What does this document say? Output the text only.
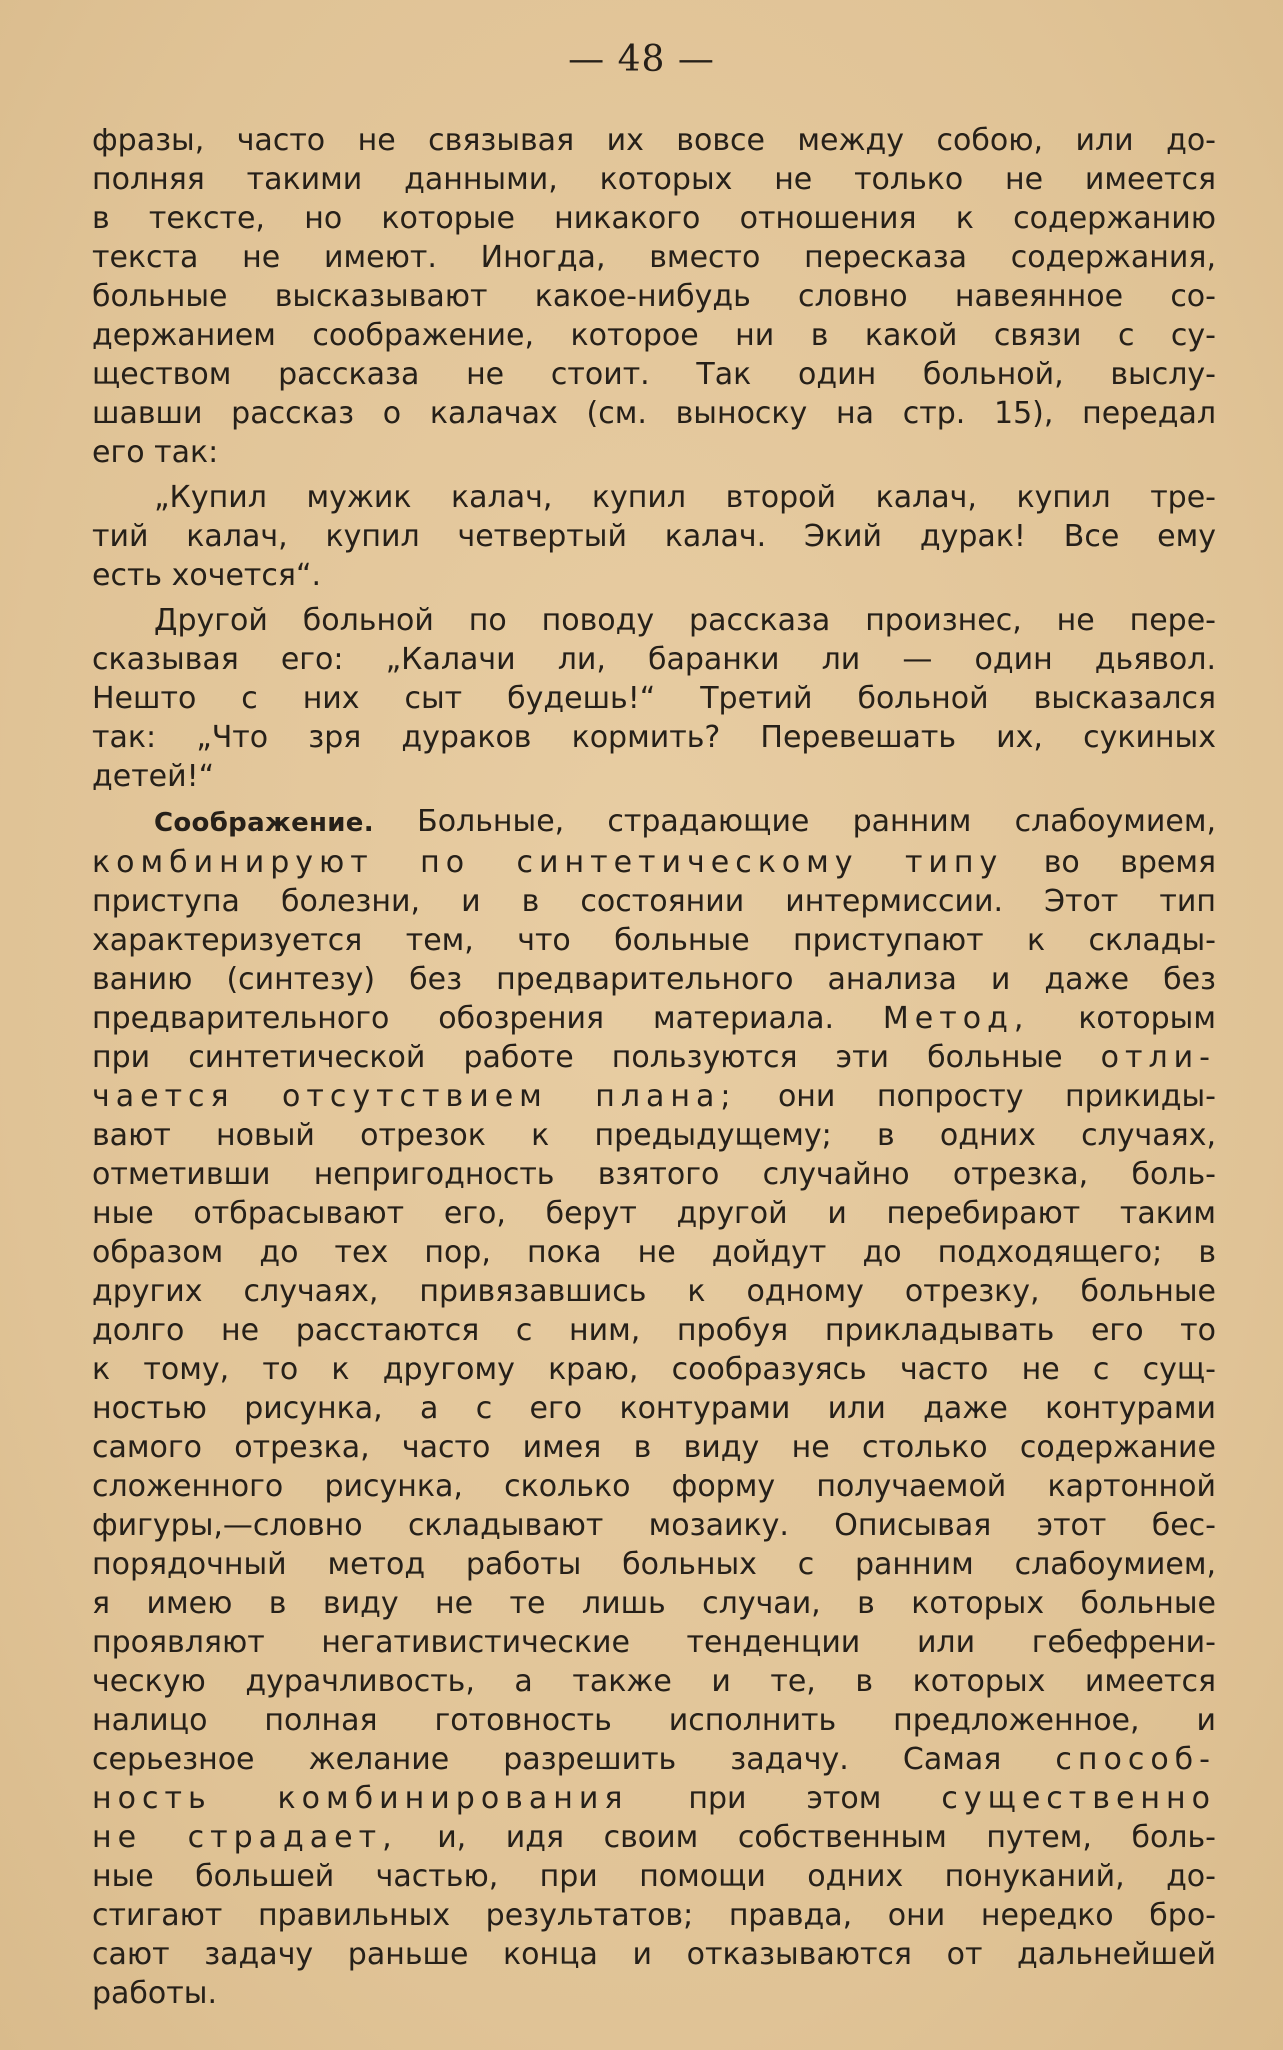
— 48 —
фразы, часто не связывая их вовсе между собою, или до-
полняя такими данными, которых не только не имеется
в тексте, но которые никакого отношения к содержанию
текста не имеют. Иногда, вместо пересказа содержания,
больные высказывают какое-нибудь словно навеянное со-
держанием соображение, которое ни в какой связи с су-
ществом рассказа не стоит. Так один больной, выслу-
шавши рассказ о калачах (см. выноску на стр. 15), передал
его так:
„Купил мужик калач, купил второй калач, купил тре-
тий калач, купил четвертый калач. Экий дурак! Все ему
есть хочется“.
Другой больной по поводу рассказа произнес, не пере-
сказывая его: „Калачи ли, баранки ли — один дьявол.
Нешто с них сыт будешь!“ Третий больной высказался
так: „Что зря дураков кормить? Перевешать их, сукиных
детей!“
Соображение. Больные, страдающие ранним слабоумием,
комбинируют по синтетическому типу во время
приступа болезни, и в состоянии интермиссии. Этот тип
характеризуется тем, что больные приступают к склады-
ванию (синтезу) без предварительного анализа и даже без
предварительного обозрения материала. Метод, которым
при синтетической работе пользуются эти больные отли-
чается отсутствием плана; они попросту прикиды-
вают новый отрезок к предыдущему; в одних случаях,
отметивши непригодность взятого случайно отрезка, боль-
ные отбрасывают его, берут другой и перебирают таким
образом до тех пор, пока не дойдут до подходящего; в
других случаях, привязавшись к одному отрезку, больные
долго не расстаются с ним, пробуя прикладывать его то
к тому, то к другому краю, сообразуясь часто не с сущ-
ностью рисунка, а с его контурами или даже контурами
самого отрезка, часто имея в виду не столько содержание
сложенного рисунка, сколько форму получаемой картонной
фигуры,—словно складывают мозаику. Описывая этот бес-
порядочный метод работы больных с ранним слабоумием,
я имею в виду не те лишь случаи, в которых больные
проявляют негативистические тенденции или гебефрени-
ческую дурачливость, а также и те, в которых имеется
налицо полная готовность исполнить предложенное, и
серьезное желание разрешить задачу. Самая способ-
ность комбинирования при этом существенно
не страдает, и, идя своим собственным путем, боль-
ные большей частью, при помощи одних понуканий, до-
стигают правильных результатов; правда, они нередко бро-
сают задачу раньше конца и отказываются от дальнейшей
работы.
